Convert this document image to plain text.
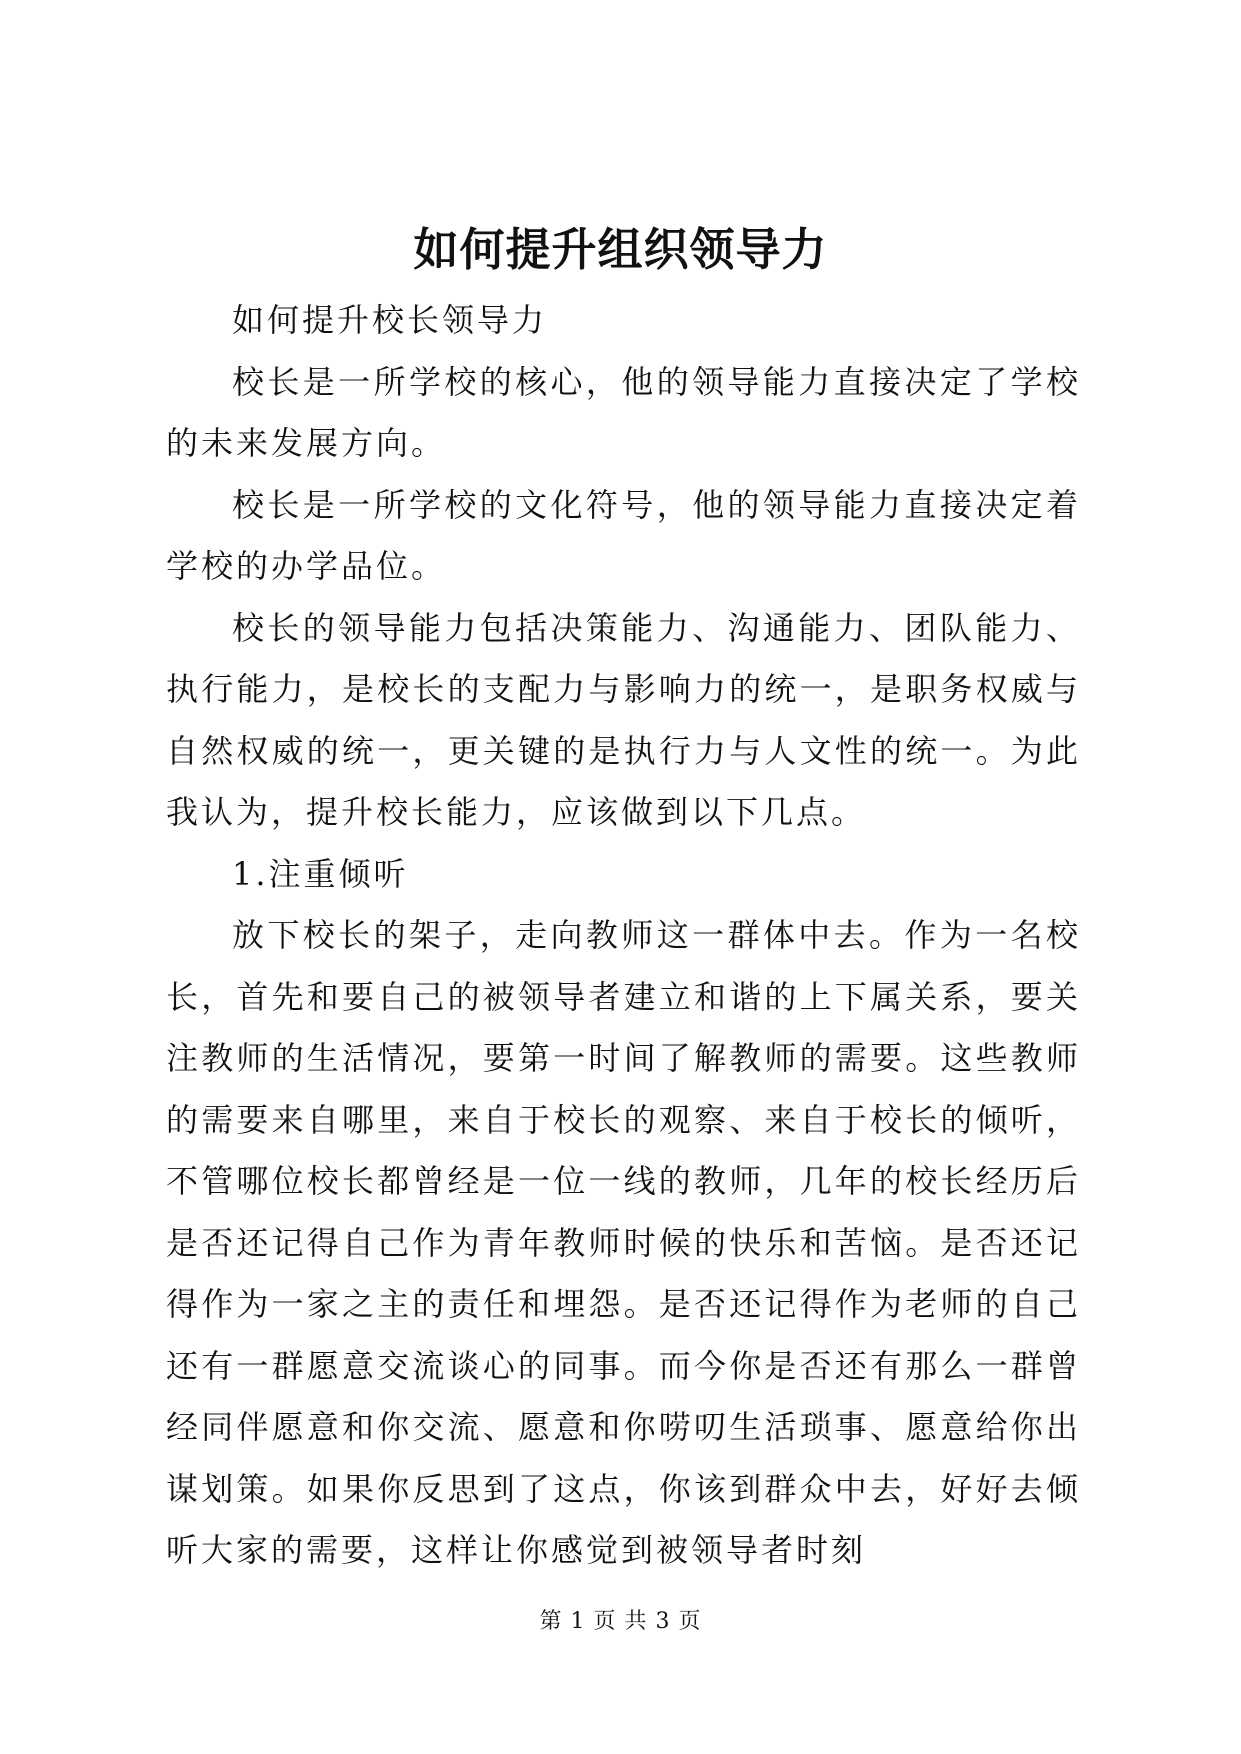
如何提升组织领导力

如何提升校长领导力

校长是一所学校的核心，他的领导能力直接决定了学校的未来发展方向。

校长是一所学校的文化符号，他的领导能力直接决定着学校的办学品位。

校长的领导能力包括决策能力、沟通能力、团队能力、执行能力，是校长的支配力与影响力的统一，是职务权威与自然权威的统一，更关键的是执行力与人文性的统一。为此我认为，提升校长能力，应该做到以下几点。

1.注重倾听

放下校长的架子，走向教师这一群体中去。作为一名校长，首先和要自己的被领导者建立和谐的上下属关系，要关注教师的生活情况，要第一时间了解教师的需要。这些教师的需要来自哪里，来自于校长的观察、来自于校长的倾听，不管哪位校长都曾经是一位一线的教师，几年的校长经历后是否还记得自己作为青年教师时候的快乐和苦恼。是否还记得作为一家之主的责任和埋怨。是否还记得作为老师的自己还有一群愿意交流谈心的同事。而今你是否还有那么一群曾经同伴愿意和你交流、愿意和你唠叨生活琐事、愿意给你出谋划策。如果你反思到了这点，你该到群众中去，好好去倾听大家的需要，这样让你感觉到被领导者时刻

第 1 页 共 3 页
